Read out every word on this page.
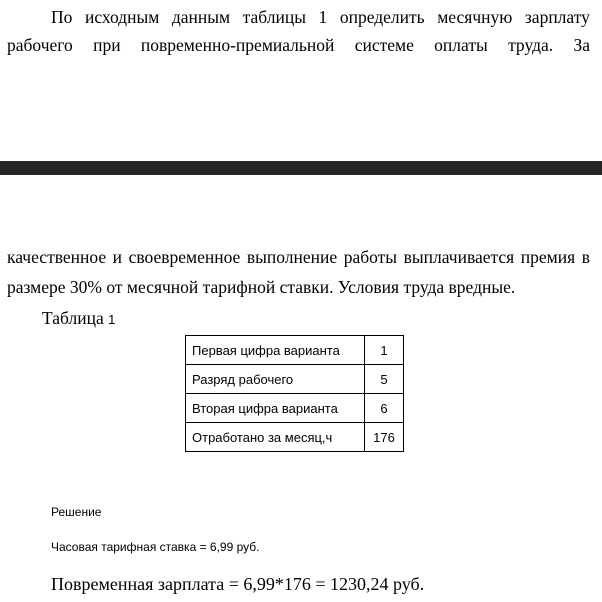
По исходным данным таблицы 1 определить месячную зарплату
рабочего при повременно-премиальной системе оплаты труда. За
качественное и своевременное выполнение работы выплачивается премия в
размере 30% от месячной тарифной ставки. Условия труда вредные.
Таблица 1
Первая цифра варианта	1
Разряд рабочего	5
Вторая цифра варианта	6
Отработано за месяц,ч	176
Решение
Часовая тарифная ставка = 6,99 руб.
Повременная зарплата = 6,99*176 = 1230,24 руб.
